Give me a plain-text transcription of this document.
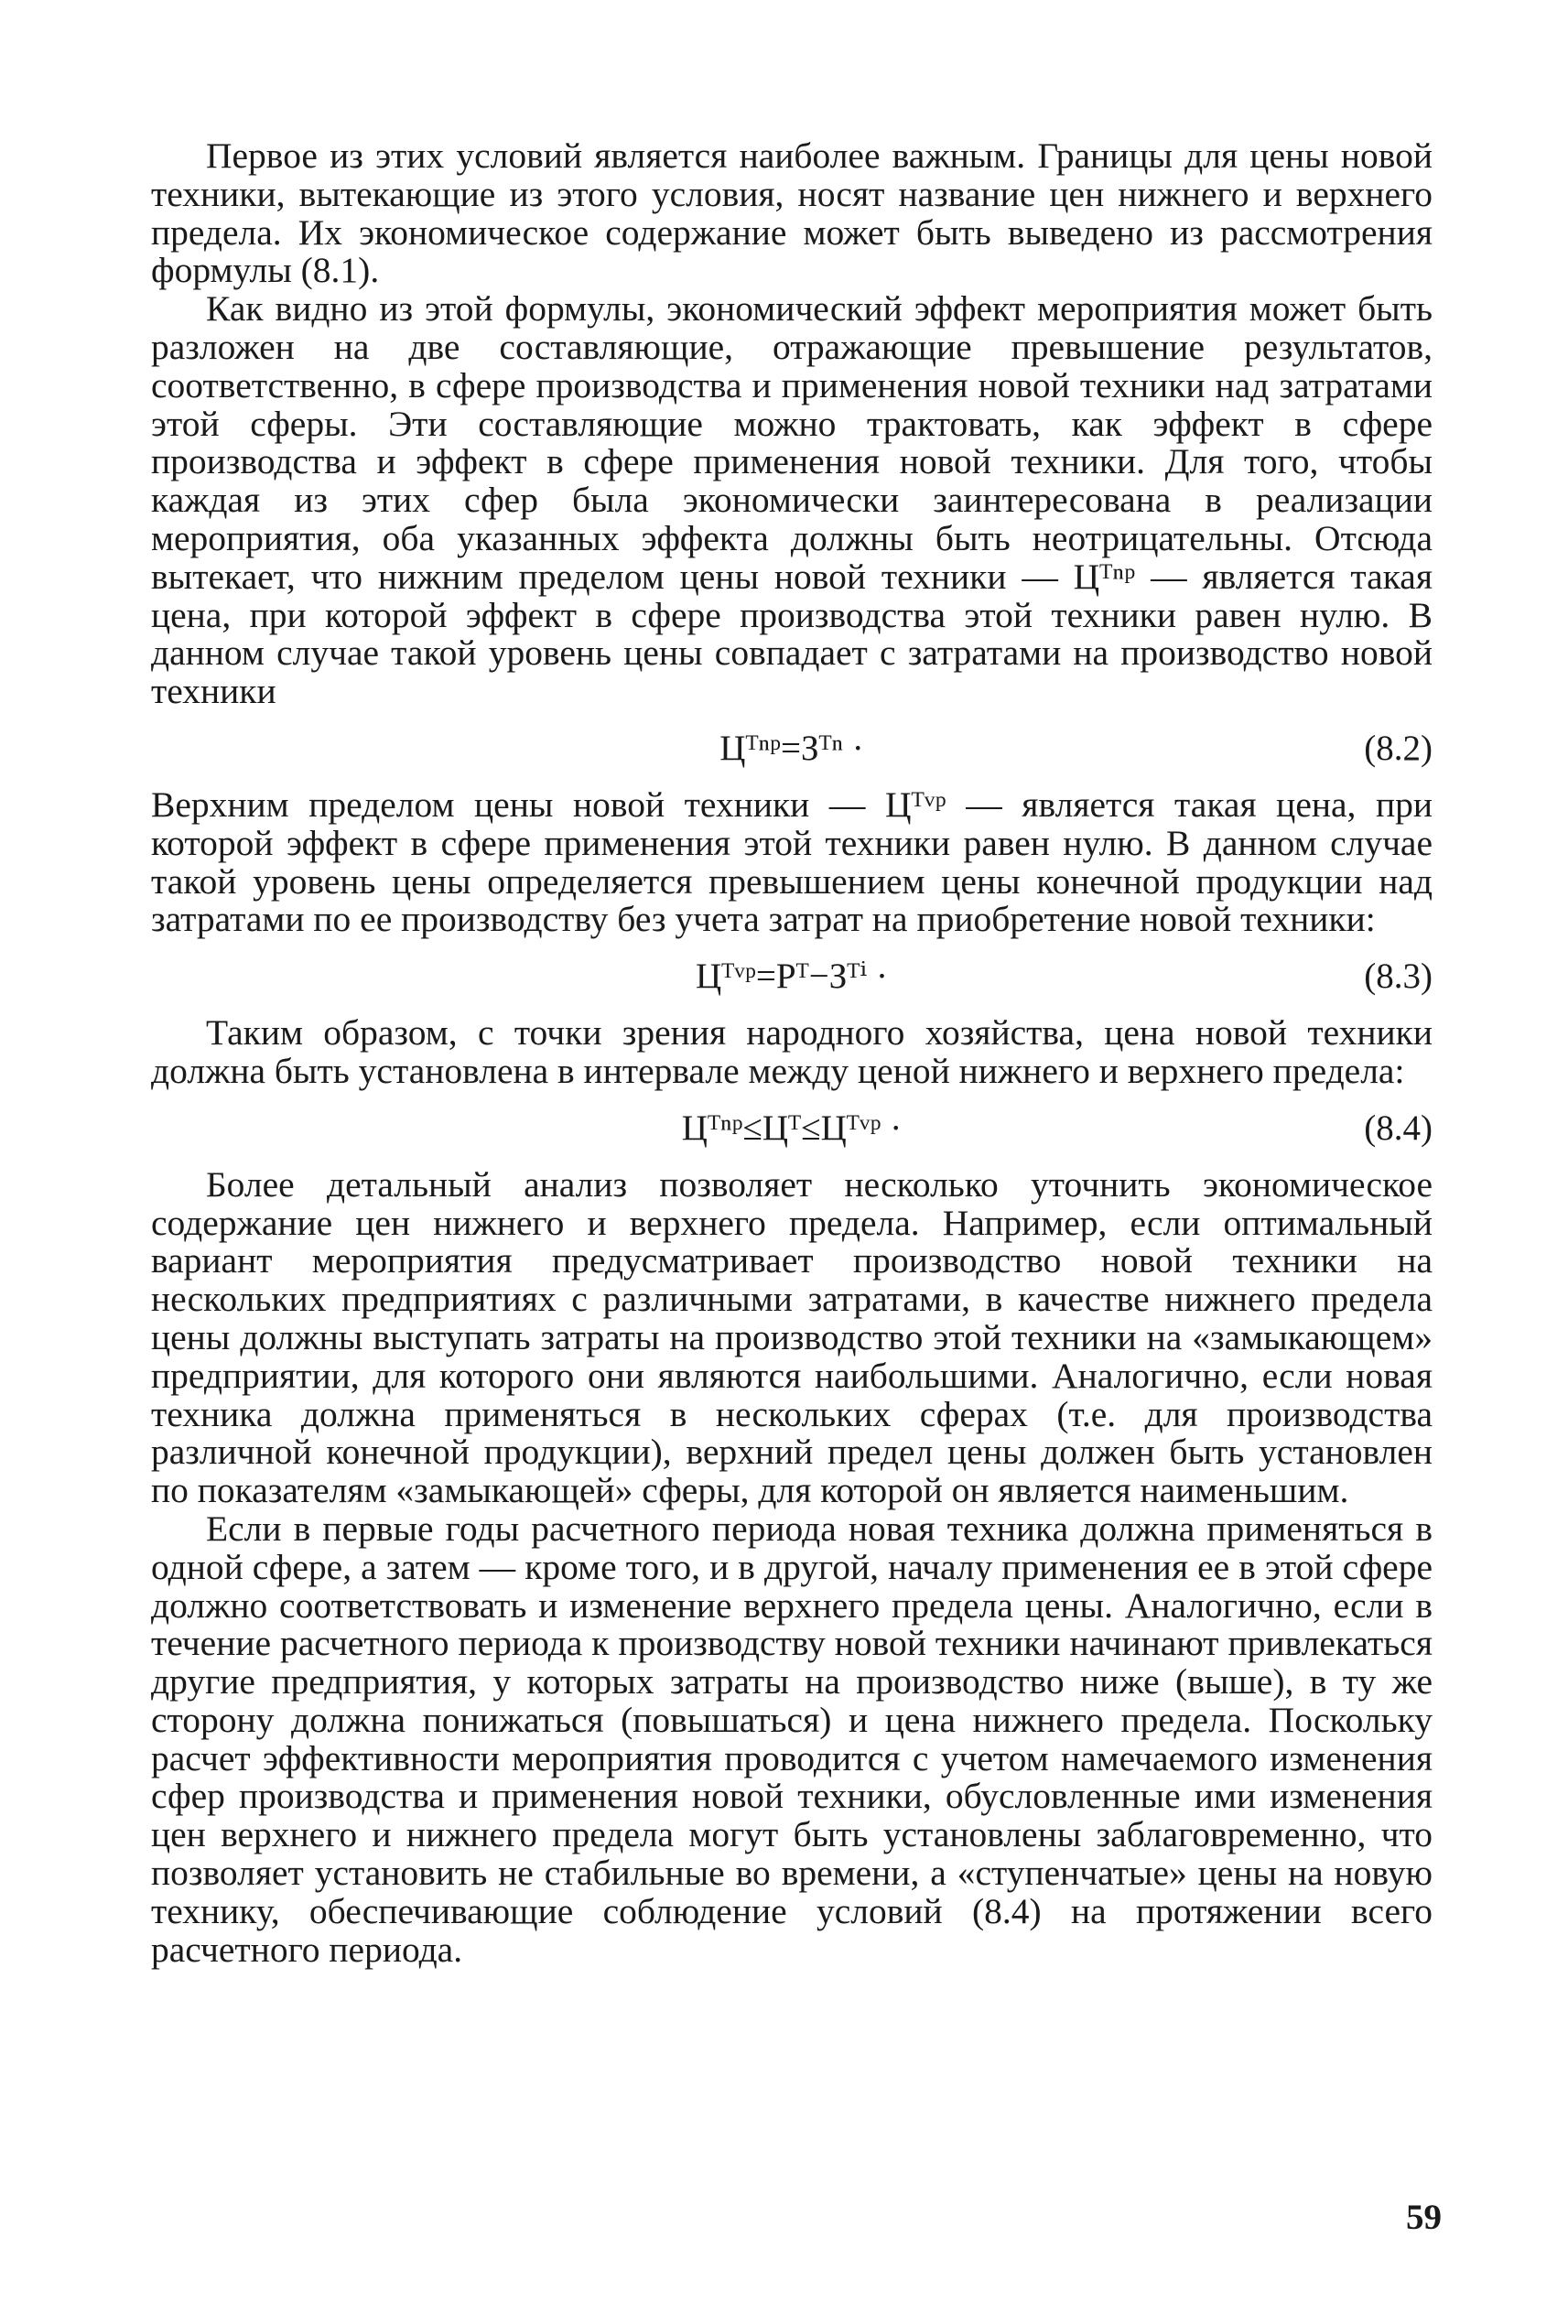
Первое из этих условий является наиболее важным. Границы для цены новой техники, вытекающие из этого условия, носят название цен нижнего и верхнего предела. Их экономическое содержание может быть выведено из рассмотрения формулы (8.1).

Как видно из этой формулы, экономический эффект мероприятия может быть разложен на две составляющие, отражающие превышение результатов, соответственно, в сфере производства и применения новой техники над затратами этой сферы. Эти составляющие можно трактовать, как эффект в сфере производства и эффект в сфере применения новой техники. Для того, чтобы каждая из этих сфер была экономически заинтересована в реализации мероприятия, оба указанных эффекта должны быть неотрицательны. Отсюда вытекает, что нижним пределом цены новой техники — Цᵀⁿᵖ — является такая цена, при которой эффект в сфере производства этой техники равен нулю. В данном случае такой уровень цены совпадает с затратами на производство новой техники

Цᵀⁿᵖ=Зᵀⁿ ·	(8.2)

Верхним пределом цены новой техники — Цᵀᵛᵖ — является такая цена, при которой эффект в сфере применения этой техники равен нулю. В данном случае такой уровень цены определяется превышением цены конечной продукции над затратами по ее производству без учета затрат на приобретение новой техники:

Цᵀᵛᵖ=Рᵀ−Зᵀⁱ ·	(8.3)

Таким образом, с точки зрения народного хозяйства, цена новой техники должна быть установлена в интервале между ценой нижнего и верхнего предела:

Цᵀⁿᵖ≤Цᵀ≤Цᵀᵛᵖ ·	(8.4)

Более детальный анализ позволяет несколько уточнить экономическое содержание цен нижнего и верхнего предела. Например, если оптимальный вариант мероприятия предусматривает производство новой техники на нескольких предприятиях с различными затратами, в качестве нижнего предела цены должны выступать затраты на производство этой техники на «замыкающем» предприятии, для которого они являются наибольшими. Аналогично, если новая техника должна применяться в нескольких сферах (т.е. для производства различной конечной продукции), верхний предел цены должен быть установлен по показателям «замыкающей» сферы, для которой он является наименьшим.

Если в первые годы расчетного периода новая техника должна применяться в одной сфере, а затем — кроме того, и в другой, началу применения ее в этой сфере должно соответствовать и изменение верхнего предела цены. Аналогично, если в течение расчетного периода к производству новой техники начинают привлекаться другие предприятия, у которых затраты на производство ниже (выше), в ту же сторону должна понижаться (повышаться) и цена нижнего предела. Поскольку расчет эффективности мероприятия проводится с учетом намечаемого изменения сфер производства и применения новой техники, обусловленные ими изменения цен верхнего и нижнего предела могут быть установлены заблаговременно, что позволяет установить не стабильные во времени, а «ступенчатые» цены на новую технику, обеспечивающие соблюдение условий (8.4) на протяжении всего расчетного периода.

59
